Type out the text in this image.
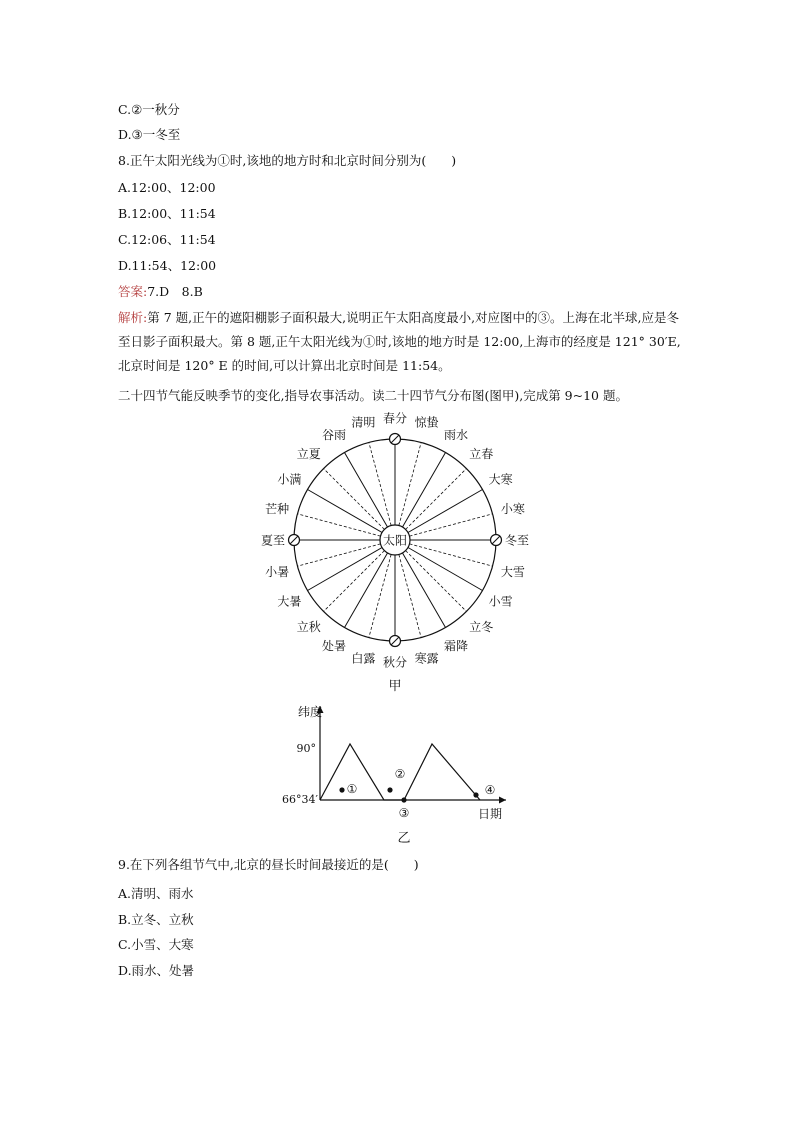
C.②一秋分
D.③一冬至
8.正午太阳光线为①时,该地的地方时和北京时间分别为(　　)
A.12:00、12:00
B.12:00、11:54
C.12:06、11:54
D.11:54、12:00
答案:7.D　8.B
解析:第 7 题,正午的遮阳棚影子面积最大,说明正午太阳高度最小,对应图中的③。上海在北半球,应是冬至日影子面积最大。第 8 题,正午太阳光线为①时,该地的地方时是 12:00,上海市的经度是 121° 30′E,北京时间是 120° E 的时间,可以计算出北京时间是 11:54。
二十四节气能反映季节的变化,指导农事活动。读二十四节气分布图(图甲),完成第 9~10 题。
太阳
春分 惊蛰
雨水
立春
大寒
小寒
冬至
大雪
小雪
立冬
霜降
寒露
秋分
白露
处暑
立秋
大暑
小暑
夏至
芒种
小满
立夏
谷雨
清明
甲
纬度
日期
90°
66°34′
①
②
③
④
乙
9.在下列各组节气中,北京的昼长时间最接近的是(　　)
A.清明、雨水
B.立冬、立秋
C.小雪、大寒
D.雨水、处暑
